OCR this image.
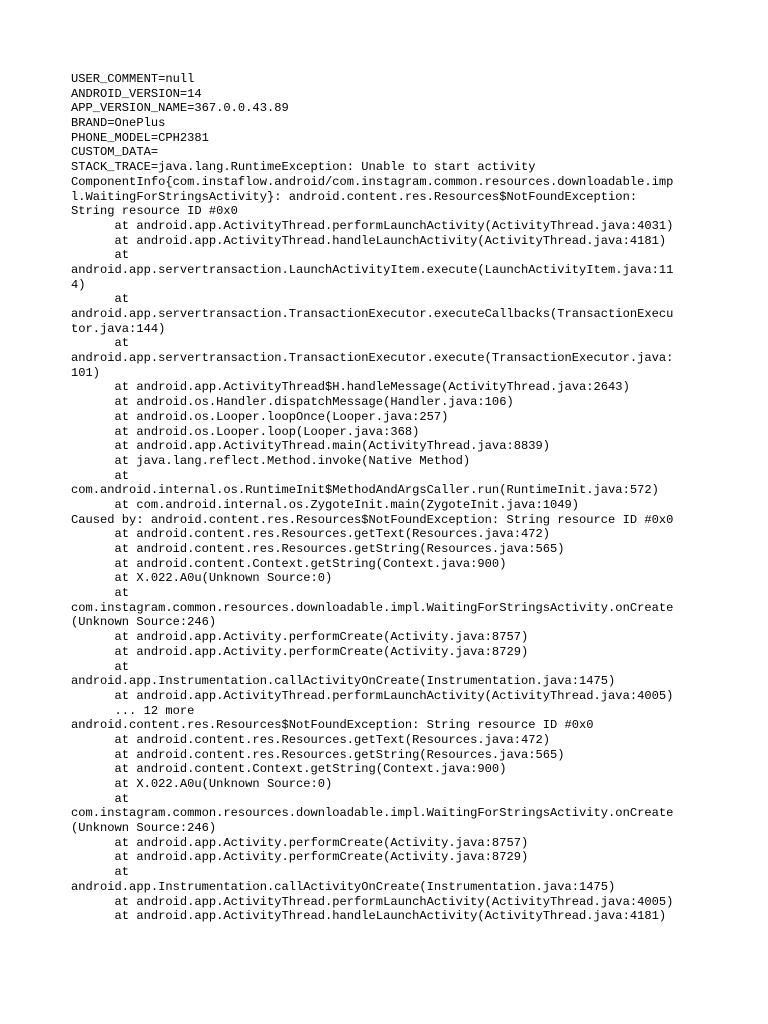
USER_COMMENT=null
ANDROID_VERSION=14
APP_VERSION_NAME=367.0.0.43.89
BRAND=OnePlus
PHONE_MODEL=CPH2381
CUSTOM_DATA=
STACK_TRACE=java.lang.RuntimeException: Unable to start activity
ComponentInfo{com.instaflow.android/com.instagram.common.resources.downloadable.imp
l.WaitingForStringsActivity}: android.content.res.Resources$NotFoundException:
String resource ID #0x0
at android.app.ActivityThread.performLaunchActivity(ActivityThread.java:4031)
at android.app.ActivityThread.handleLaunchActivity(ActivityThread.java:4181)
at
android.app.servertransaction.LaunchActivityItem.execute(LaunchActivityItem.java:11
4)
at
android.app.servertransaction.TransactionExecutor.executeCallbacks(TransactionExecu
tor.java:144)
at
android.app.servertransaction.TransactionExecutor.execute(TransactionExecutor.java:
101)
at android.app.ActivityThread$H.handleMessage(ActivityThread.java:2643)
at android.os.Handler.dispatchMessage(Handler.java:106)
at android.os.Looper.loopOnce(Looper.java:257)
at android.os.Looper.loop(Looper.java:368)
at android.app.ActivityThread.main(ActivityThread.java:8839)
at java.lang.reflect.Method.invoke(Native Method)
at
com.android.internal.os.RuntimeInit$MethodAndArgsCaller.run(RuntimeInit.java:572)
at com.android.internal.os.ZygoteInit.main(ZygoteInit.java:1049)
Caused by: android.content.res.Resources$NotFoundException: String resource ID #0x0
at android.content.res.Resources.getText(Resources.java:472)
at android.content.res.Resources.getString(Resources.java:565)
at android.content.Context.getString(Context.java:900)
at X.022.A0u(Unknown Source:0)
at
com.instagram.common.resources.downloadable.impl.WaitingForStringsActivity.onCreate
(Unknown Source:246)
at android.app.Activity.performCreate(Activity.java:8757)
at android.app.Activity.performCreate(Activity.java:8729)
at
android.app.Instrumentation.callActivityOnCreate(Instrumentation.java:1475)
at android.app.ActivityThread.performLaunchActivity(ActivityThread.java:4005)
... 12 more
android.content.res.Resources$NotFoundException: String resource ID #0x0
at android.content.res.Resources.getText(Resources.java:472)
at android.content.res.Resources.getString(Resources.java:565)
at android.content.Context.getString(Context.java:900)
at X.022.A0u(Unknown Source:0)
at
com.instagram.common.resources.downloadable.impl.WaitingForStringsActivity.onCreate
(Unknown Source:246)
at android.app.Activity.performCreate(Activity.java:8757)
at android.app.Activity.performCreate(Activity.java:8729)
at
android.app.Instrumentation.callActivityOnCreate(Instrumentation.java:1475)
at android.app.ActivityThread.performLaunchActivity(ActivityThread.java:4005)
at android.app.ActivityThread.handleLaunchActivity(ActivityThread.java:4181)
